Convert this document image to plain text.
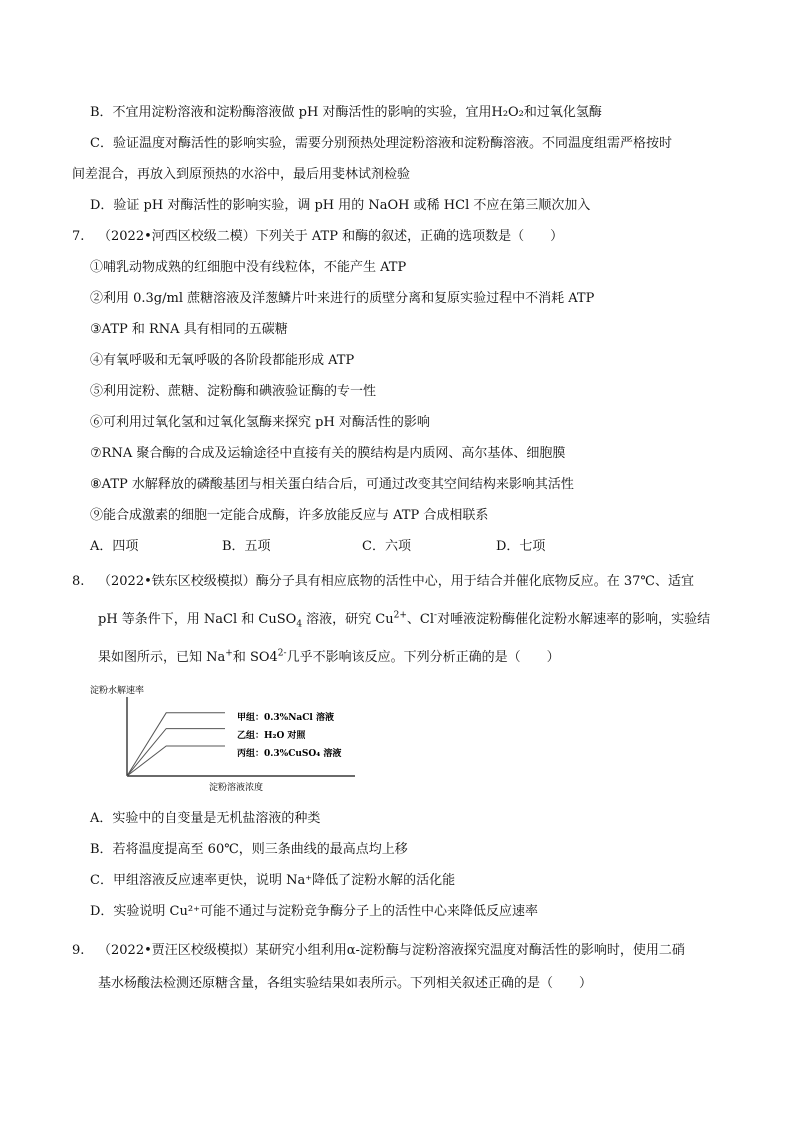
B．不宜用淀粉溶液和淀粉酶溶液做 pH 对酶活性的影响的实验，宜用H₂O₂和过氧化氢酶
C．验证温度对酶活性的影响实验，需要分别预热处理淀粉溶液和淀粉酶溶液。不同温度组需严格按时
间差混合，再放入到原预热的水浴中，最后用斐林试剂检验
D．验证 pH 对酶活性的影响实验，调 pH 用的 NaOH 或稀 HCl 不应在第三顺次加入
7. （2022•河西区校级二模）下列关于 ATP 和酶的叙述，正确的选项数是（　　）
①哺乳动物成熟的红细胞中没有线粒体，不能产生 ATP
②利用 0.3g/ml 蔗糖溶液及洋葱鳞片叶来进行的质壁分离和复原实验过程中不消耗 ATP
③ATP 和 RNA 具有相同的五碳糖
④有氧呼吸和无氧呼吸的各阶段都能形成 ATP
⑤利用淀粉、蔗糖、淀粉酶和碘液验证酶的专一性
⑥可利用过氧化氢和过氧化氢酶来探究 pH 对酶活性的影响
⑦RNA 聚合酶的合成及运输途径中直接有关的膜结构是内质网、高尔基体、细胞膜
⑧ATP 水解释放的磷酸基团与相关蛋白结合后，可通过改变其空间结构来影响其活性
⑨能合成激素的细胞一定能合成酶，许多放能反应与 ATP 合成相联系
A．四项	B．五项	C．六项	D．七项
8. （2022•铁东区校级模拟）酶分子具有相应底物的活性中心，用于结合并催化底物反应。在 37℃、适宜
pH 等条件下，用 NaCl 和 CuSO$_4$ 溶液，研究 $Cu^{2+}$、Cl-对唾液淀粉酶催化淀粉水解速率的影响，实验结
果如图所示，已知 Na+和 $SO4^{2-}$几乎不影响该反应。下列分析正确的是（　　）
淀粉水解速率
甲组：0.3%NaCl 溶液
乙组：H₂O 对照
丙组：0.3%CuSO₄ 溶液
淀粉溶液浓度
A．实验中的自变量是无机盐溶液的种类
B．若将温度提高至 60℃，则三条曲线的最高点均上移
C．甲组溶液反应速率更快，说明 Na⁺降低了淀粉水解的活化能
D．实验说明 Cu²⁺可能不通过与淀粉竞争酶分子上的活性中心来降低反应速率
9. （2022•贾汪区校级模拟）某研究小组利用α-淀粉酶与淀粉溶液探究温度对酶活性的影响时，使用二硝
基水杨酸法检测还原糖含量，各组实验结果如表所示。下列相关叙述正确的是（　　）
